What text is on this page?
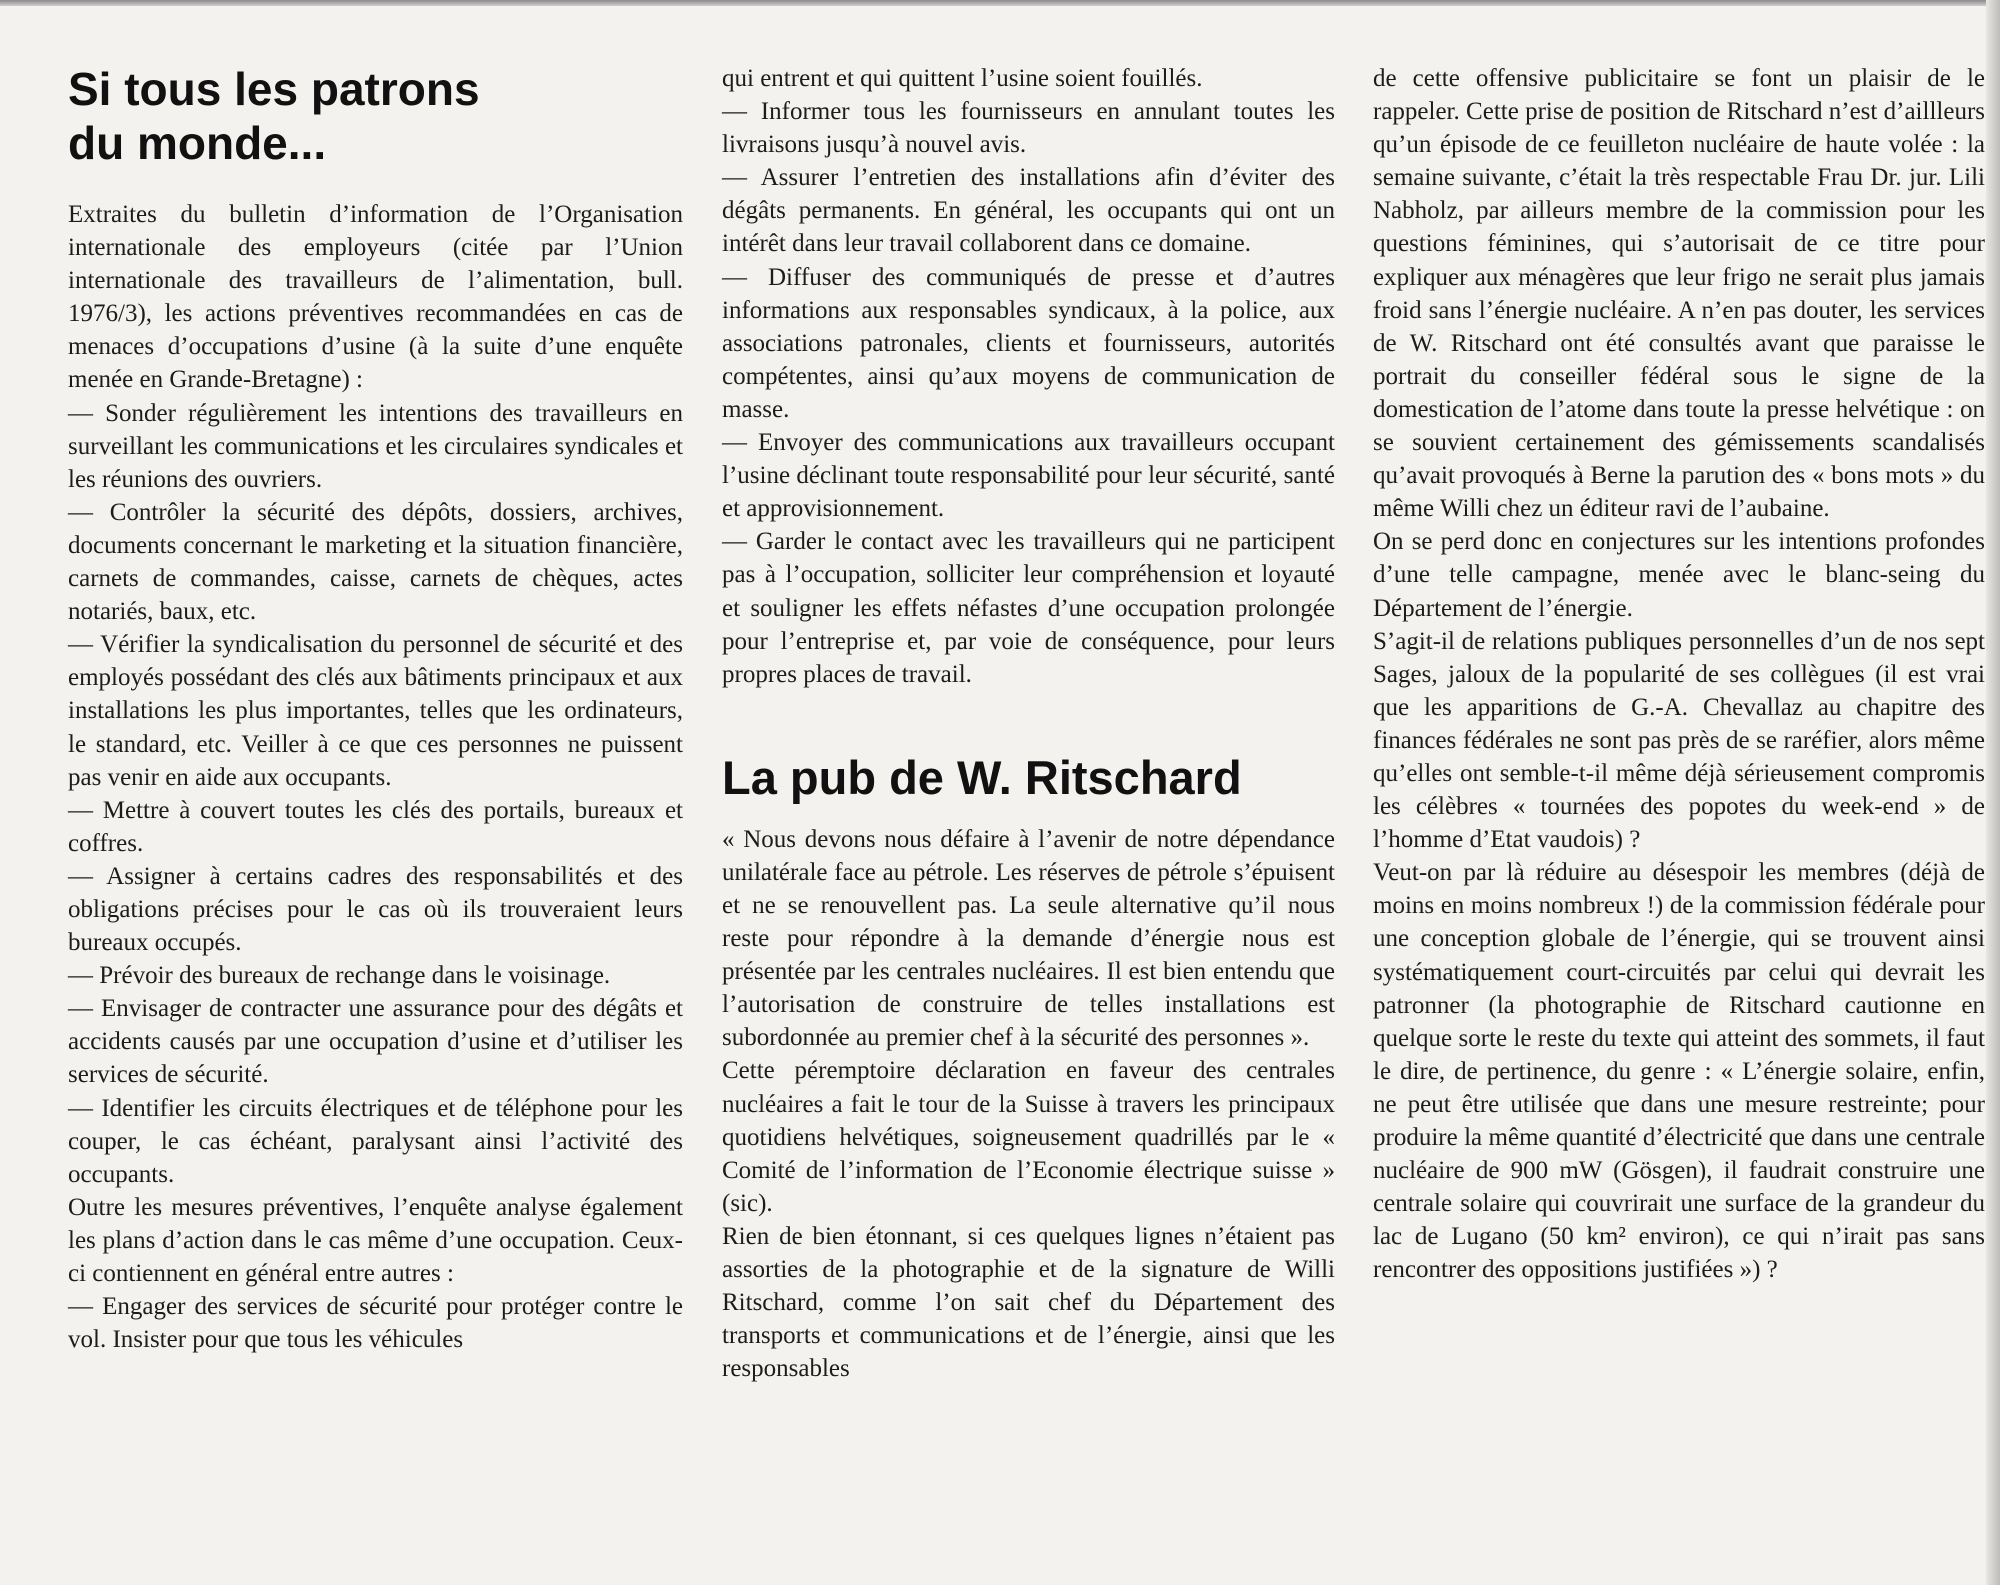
Si tous les patrons
du monde...

Extraites du bulletin d’information de l’Organisation internationale des employeurs (citée par l’Union internationale des travailleurs de l’alimentation, bull. 1976/3), les actions préventives recommandées en cas de menaces d’occupations d’usine (à la suite d’une enquête menée en Grande-Bretagne) :

— Sonder régulièrement les intentions des travailleurs en surveillant les communications et les circulaires syndicales et les réunions des ouvriers.

— Contrôler la sécurité des dépôts, dossiers, archives, documents concernant le marketing et la situation financière, carnets de commandes, caisse, carnets de chèques, actes notariés, baux, etc.

— Vérifier la syndicalisation du personnel de sécurité et des employés possédant des clés aux bâtiments principaux et aux installations les plus importantes, telles que les ordinateurs, le standard, etc. Veiller à ce que ces personnes ne puissent pas venir en aide aux occupants.

— Mettre à couvert toutes les clés des portails, bureaux et coffres.

— Assigner à certains cadres des responsabilités et des obligations précises pour le cas où ils trouveraient leurs bureaux occupés.

— Prévoir des bureaux de rechange dans le voisinage.

— Envisager de contracter une assurance pour des dégâts et accidents causés par une occupation d’usine et d’utiliser les services de sécurité.

— Identifier les circuits électriques et de téléphone pour les couper, le cas échéant, paralysant ainsi l’activité des occupants.

Outre les mesures préventives, l’enquête analyse également les plans d’action dans le cas même d’une occupation. Ceux-ci contiennent en général entre autres :

— Engager des services de sécurité pour protéger contre le vol. Insister pour que tous les véhicules

qui entrent et qui quittent l’usine soient fouillés.

— Informer tous les fournisseurs en annulant toutes les livraisons jusqu’à nouvel avis.

— Assurer l’entretien des installations afin d’éviter des dégâts permanents. En général, les occupants qui ont un intérêt dans leur travail collaborent dans ce domaine.

— Diffuser des communiqués de presse et d’autres informations aux responsables syndicaux, à la police, aux associations patronales, clients et fournisseurs, autorités compétentes, ainsi qu’aux moyens de communication de masse.

— Envoyer des communications aux travailleurs occupant l’usine déclinant toute responsabilité pour leur sécurité, santé et approvisionnement.

— Garder le contact avec les travailleurs qui ne participent pas à l’occupation, solliciter leur compréhension et loyauté et souligner les effets néfastes d’une occupation prolongée pour l’entreprise et, par voie de conséquence, pour leurs propres places de travail.

La pub de W. Ritschard

« Nous devons nous défaire à l’avenir de notre dépendance unilatérale face au pétrole. Les réserves de pétrole s’épuisent et ne se renouvellent pas. La seule alternative qu’il nous reste pour répondre à la demande d’énergie nous est présentée par les centrales nucléaires. Il est bien entendu que l’autorisation de construire de telles installations est subordonnée au premier chef à la sécurité des personnes ».

Cette péremptoire déclaration en faveur des centrales nucléaires a fait le tour de la Suisse à travers les principaux quotidiens helvétiques, soigneusement quadrillés par le « Comité de l’information de l’Economie électrique suisse » (sic).

Rien de bien étonnant, si ces quelques lignes n’étaient pas assorties de la photographie et de la signature de Willi Ritschard, comme l’on sait chef du Département des transports et communications et de l’énergie, ainsi que les responsables

de cette offensive publicitaire se font un plaisir de le rappeler. Cette prise de position de Ritschard n’est d’aillleurs qu’un épisode de ce feuilleton nucléaire de haute volée : la semaine suivante, c’était la très respectable Frau Dr. jur. Lili Nabholz, par ailleurs membre de la commission pour les questions féminines, qui s’autorisait de ce titre pour expliquer aux ménagères que leur frigo ne serait plus jamais froid sans l’énergie nucléaire. A n’en pas douter, les services de W. Ritschard ont été consultés avant que paraisse le portrait du conseiller fédéral sous le signe de la domestication de l’atome dans toute la presse helvétique : on se souvient certainement des gémissements scandalisés qu’avait provoqués à Berne la parution des « bons mots » du même Willi chez un éditeur ravi de l’aubaine.

On se perd donc en conjectures sur les intentions profondes d’une telle campagne, menée avec le blanc-seing du Département de l’énergie.

S’agit-il de relations publiques personnelles d’un de nos sept Sages, jaloux de la popularité de ses collègues (il est vrai que les apparitions de G.-A. Chevallaz au chapitre des finances fédérales ne sont pas près de se raréfier, alors même qu’elles ont semble-t-il même déjà sérieusement compromis les célèbres « tournées des popotes du week-end » de l’homme d’Etat vaudois) ?

Veut-on par là réduire au désespoir les membres (déjà de moins en moins nombreux !) de la commission fédérale pour une conception globale de l’énergie, qui se trouvent ainsi systématiquement court-circuités par celui qui devrait les patronner (la photographie de Ritschard cautionne en quelque sorte le reste du texte qui atteint des sommets, il faut le dire, de pertinence, du genre : « L’énergie solaire, enfin, ne peut être utilisée que dans une mesure restreinte; pour produire la même quantité d’électricité que dans une centrale nucléaire de 900 mW (Gösgen), il faudrait construire une centrale solaire qui couvrirait une surface de la grandeur du lac de Lugano (50 km² environ), ce qui n’irait pas sans rencontrer des oppositions justifiées ») ?
